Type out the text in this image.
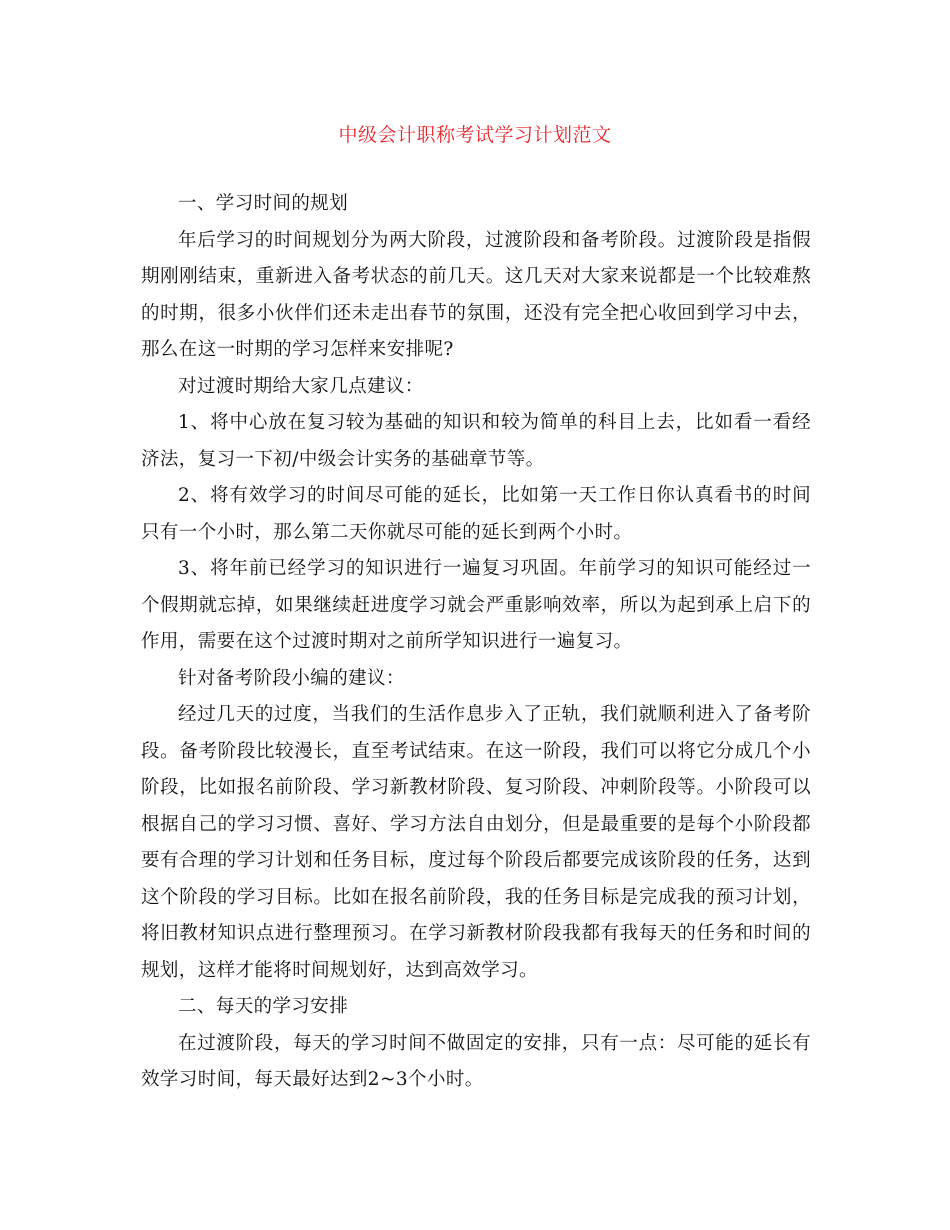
中级会计职称考试学习计划范文

一、学习时间的规划

年后学习的时间规划分为两大阶段，过渡阶段和备考阶段。过渡阶段是指假期刚刚结束，重新进入备考状态的前几天。这几天对大家来说都是一个比较难熬的时期，很多小伙伴们还未走出春节的氛围，还没有完全把心收回到学习中去，那么在这一时期的学习怎样来安排呢?

对过渡时期给大家几点建议：

1、将中心放在复习较为基础的知识和较为简单的科目上去，比如看一看经济法，复习一下初/中级会计实务的基础章节等。

2、将有效学习的时间尽可能的延长，比如第一天工作日你认真看书的时间只有一个小时，那么第二天你就尽可能的延长到两个小时。

3、将年前已经学习的知识进行一遍复习巩固。年前学习的知识可能经过一个假期就忘掉，如果继续赶进度学习就会严重影响效率，所以为起到承上启下的作用，需要在这个过渡时期对之前所学知识进行一遍复习。

针对备考阶段小编的建议：

经过几天的过度，当我们的生活作息步入了正轨，我们就顺利进入了备考阶段。备考阶段比较漫长，直至考试结束。在这一阶段，我们可以将它分成几个小阶段，比如报名前阶段、学习新教材阶段、复习阶段、冲刺阶段等。小阶段可以根据自己的学习习惯、喜好、学习方法自由划分，但是最重要的是每个小阶段都要有合理的学习计划和任务目标，度过每个阶段后都要完成该阶段的任务，达到这个阶段的学习目标。比如在报名前阶段，我的任务目标是完成我的预习计划，将旧教材知识点进行整理预习。在学习新教材阶段我都有我每天的任务和时间的规划，这样才能将时间规划好，达到高效学习。

二、每天的学习安排

在过渡阶段，每天的学习时间不做固定的安排，只有一点：尽可能的延长有效学习时间，每天最好达到2~3个小时。
